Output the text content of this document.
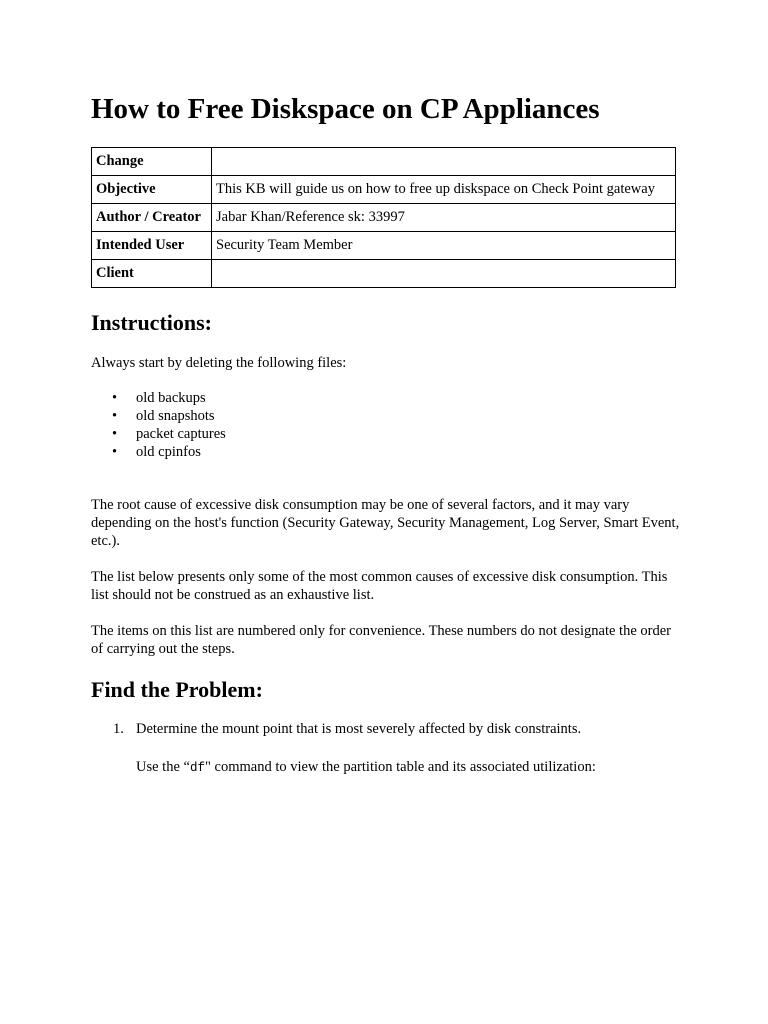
How to Free Diskspace on CP Appliances
Change	
Objective	This KB will guide us on how to free up diskspace on Check Point gateway
Author / Creator	Jabar Khan/Reference sk: 33997
Intended User	Security Team Member
Client	
Instructions:

Always start by deleting the following files:

• old backups
• old snapshots
• packet captures
• old cpinfos

The root cause of excessive disk consumption may be one of several factors, and it may vary depending on the host's function (Security Gateway, Security Management, Log Server, Smart Event, etc.).

The list below presents only some of the most common causes of excessive disk consumption. This list should not be construed as an exhaustive list.

The items on this list are numbered only for convenience. These numbers do not designate the order of carrying out the steps.

Find the Problem:
1. Determine the mount point that is most severely affected by disk constraints.
Use the “df" command to view the partition table and its associated utilization:
